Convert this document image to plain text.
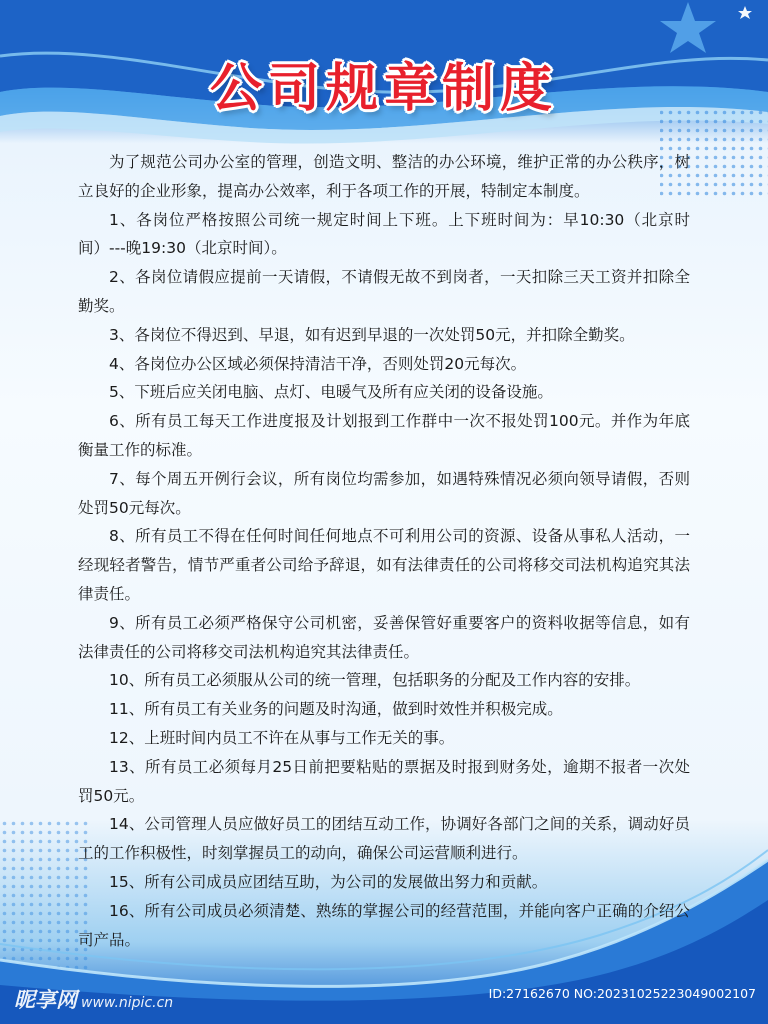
公司规章制度

为了规范公司办公室的管理，创造文明、整洁的办公环境，维护正常的办公秩序，树立良好的企业形象，提高办公效率，利于各项工作的开展，特制定本制度。

1、各岗位严格按照公司统一规定时间上下班。上下班时间为：早10:30（北京时间）---晚19:30（北京时间）。

2、各岗位请假应提前一天请假，不请假无故不到岗者，一天扣除三天工资并扣除全勤奖。

3、各岗位不得迟到、早退，如有迟到早退的一次处罚50元，并扣除全勤奖。

4、各岗位办公区域必须保持清洁干净，否则处罚20元每次。

5、下班后应关闭电脑、点灯、电暖气及所有应关闭的设备设施。

6、所有员工每天工作进度报及计划报到工作群中一次不报处罚100元。并作为年底衡量工作的标准。

7、每个周五开例行会议，所有岗位均需参加，如遇特殊情况必须向领导请假，否则处罚50元每次。

8、所有员工不得在任何时间任何地点不可利用公司的资源、设备从事私人活动，一经现轻者警告，情节严重者公司给予辞退，如有法律责任的公司将移交司法机构追究其法律责任。

9、所有员工必须严格保守公司机密，妥善保管好重要客户的资料收据等信息，如有法律责任的公司将移交司法机构追究其法律责任。

10、所有员工必须服从公司的统一管理，包括职务的分配及工作内容的安排。

11、所有员工有关业务的问题及时沟通，做到时效性并积极完成。

12、上班时间内员工不许在从事与工作无关的事。

13、所有员工必须每月25日前把要粘贴的票据及时报到财务处，逾期不报者一次处罚50元。

14、公司管理人员应做好员工的团结互动工作，协调好各部门之间的关系，调动好员工的工作积极性，时刻掌握员工的动向，确保公司运营顺利进行。

15、所有公司成员应团结互助，为公司的发展做出努力和贡献。

16、所有公司成员必须清楚、熟练的掌握公司的经营范围，并能向客户正确的介绍公司产品。

昵享网 www.nipic.cn
ID:27162670 NO:20231025223049002107
